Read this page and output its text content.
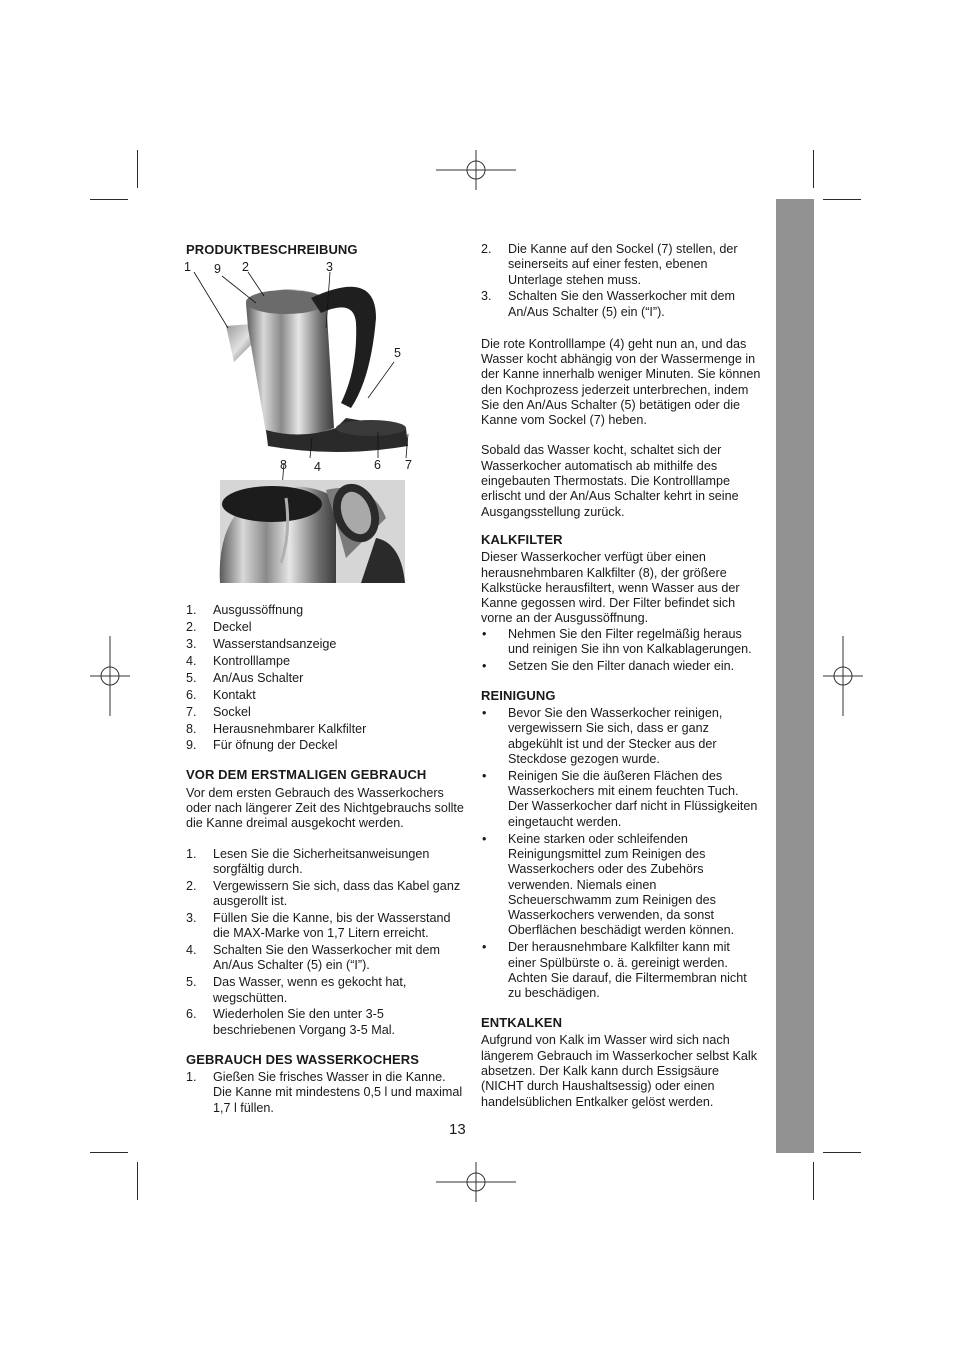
1 9 2	3
5
8 4	6 7
PRODUKTBESCHREIBUNG
1. Ausgussöffnung
2. Deckel
3. Wasserstandsanzeige
4. Kontrolllampe
5. An/Aus Schalter
6. Kontakt
7. Sockel
8. Herausnehmbarer Kalkfilter
9. Für öfnung der Deckel
VOR DEM ERSTMALIGEN GEBRAUCH

Vor dem ersten Gebrauch des Wasserkochers oder nach längerer Zeit des Nichtgebrauchs sollte die Kanne dreimal ausgekocht werden.

1. Lesen Sie die Sicherheitsanweisungen sorgfältig durch.
2. Vergewissern Sie sich, dass das Kabel ganz ausgerollt ist.
3. Füllen Sie die Kanne, bis der Wasserstand die MAX-Marke von 1,7 Litern erreicht.
4. Schalten Sie den Wasserkocher mit dem An/Aus Schalter (5) ein (“I”).
5. Das Wasser, wenn es gekocht hat, wegschütten.
6. Wiederholen Sie den unter 3-5 beschriebenen Vorgang 3-5 Mal.
GEBRAUCH DES WASSERKOCHERS
1. Gießen Sie frisches Wasser in die Kanne. Die Kanne mit mindestens 0,5 l und maximal 1,7 l füllen.
2. Die Kanne auf den Sockel (7) stellen, der seinerseits auf einer festen, ebenen Unterlage stehen muss.
3. Schalten Sie den Wasserkocher mit dem An/Aus Schalter (5) ein (“I”).

Die rote Kontrolllampe (4) geht nun an, und das Wasser kocht abhängig von der Wassermenge in der Kanne innerhalb weniger Minuten. Sie können den Kochprozess jederzeit unterbrechen, indem Sie den An/Aus Schalter (5) betätigen oder die Kanne vom Sockel (7) heben.

Sobald das Wasser kocht, schaltet sich der Wasserkocher automatisch ab mithilfe des eingebauten Thermostats. Die Kontrolllampe erlischt und der An/Aus Schalter kehrt in seine Ausgangsstellung zurück.

KALKFILTER

Dieser Wasserkocher verfügt über einen herausnehmbaren Kalkfilter (8), der größere Kalkstücke herausfiltert, wenn Wasser aus der Kanne gegossen wird. Der Filter befindet sich vorne an der Ausgussöffnung.

• Nehmen Sie den Filter regelmäßig heraus und reinigen Sie ihn von Kalkablagerungen.
• Setzen Sie den Filter danach wieder ein.
REINIGUNG
• Bevor Sie den Wasserkocher reinigen, vergewissern Sie sich, dass er ganz abgekühlt ist und der Stecker aus der Steckdose gezogen wurde.
• Reinigen Sie die äußeren Flächen des Wasserkochers mit einem feuchten Tuch. Der Wasserkocher darf nicht in Flüssigkeiten eingetaucht werden.
• Keine starken oder schleifenden Reinigungsmittel zum Reinigen des Wasserkochers oder des Zubehörs verwenden. Niemals einen Scheuerschwamm zum Reinigen des Wasserkochers verwenden, da sonst Oberflächen beschädigt werden können.
• Der herausnehmbare Kalkfilter kann mit einer Spülbürste o. ä. gereinigt werden. Achten Sie darauf, die Filtermembran nicht zu beschädigen.
ENTKALKEN

Aufgrund von Kalk im Wasser wird sich nach längerem Gebrauch im Wasserkocher selbst Kalk absetzen. Der Kalk kann durch Essigsäure (NICHT durch Haushaltsessig) oder einen handelsüblichen Entkalker gelöst werden.

13
